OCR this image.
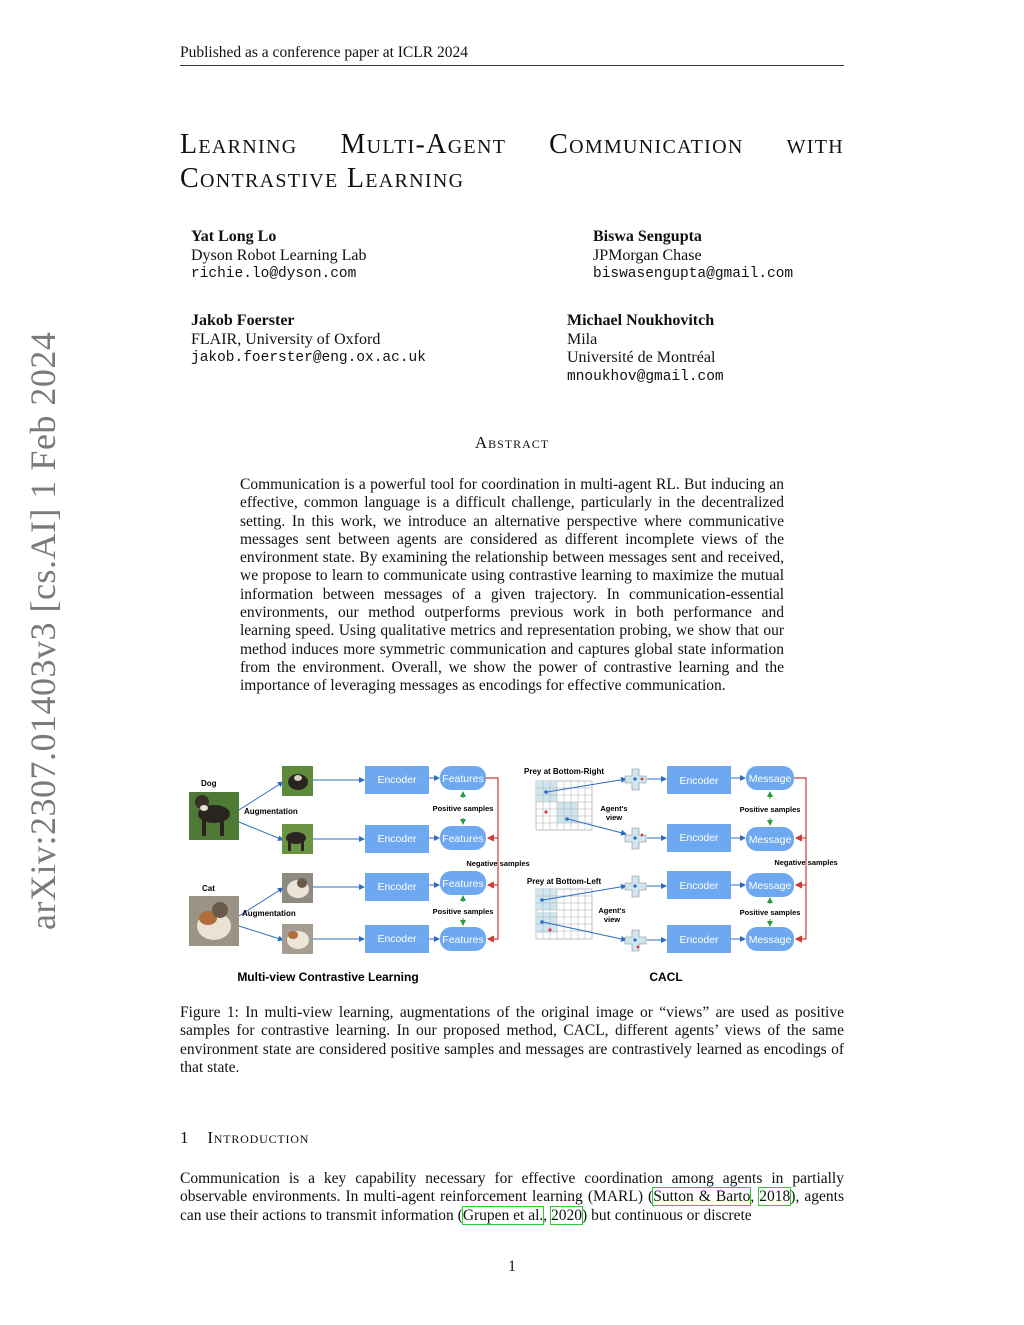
Published as a conference paper at ICLR 2024
arXiv:2307.01403v3 [cs.AI] 1 Feb 2024
Learning Multi-Agent Communication with
Contrastive Learning
Yat Long Lo
Dyson Robot Learning Lab
richie.lo@dyson.com
Biswa Sengupta
JPMorgan Chase
biswasengupta@gmail.com
Jakob Foerster
FLAIR, University of Oxford
jakob.foerster@eng.ox.ac.uk
Michael Noukhovitch
Mila
Université de Montréal
mnoukhov@gmail.com
Abstract

Communication is a powerful tool for coordination in multi-agent RL. But inducing an effective, common language is a difficult challenge, particularly in the decentralized setting. In this work, we introduce an alternative perspective where communicative messages sent between agents are considered as different incomplete views of the environment state. By examining the relationship between messages sent and received, we propose to learn to communicate using contrastive learning to maximize the mutual information between messages of a given trajectory. In communication-essential environments, our method outperforms previous work in both performance and learning speed. Using qualitative metrics and representation probing, we show that our method induces more symmetric communication and captures global state information from the environment. Overall, we show the power of contrastive learning and the importance of leveraging messages as encodings for effective communication.

Dog
Augmentation
Cat
Augmentation
Encoder
Encoder
Encoder
Encoder
Features
Features
Features
Features
Positive samples
Positive samples
Negative samples
Multi-view Contrastive Learning
Prey at Bottom-Right
Prey at Bottom-Left
Agent's
view
Agent's
view
Encoder
Encoder
Encoder
Encoder
Message
Message
Message
Message
Positive samples
Positive samples
Negative samples
CACL

Figure 1: In multi-view learning, augmentations of the original image or “views” are used as positive samples for contrastive learning. In our proposed method, CACL, different agents’ views of the same environment state are considered positive samples and messages are contrastively learned as encodings of that state.

1 Introduction

Communication is a key capability necessary for effective coordination among agents in partially observable environments. In multi-agent reinforcement learning (MARL) (Sutton & Barto, 2018), agents can use their actions to transmit information (Grupen et al., 2020) but continuous or discrete

1
